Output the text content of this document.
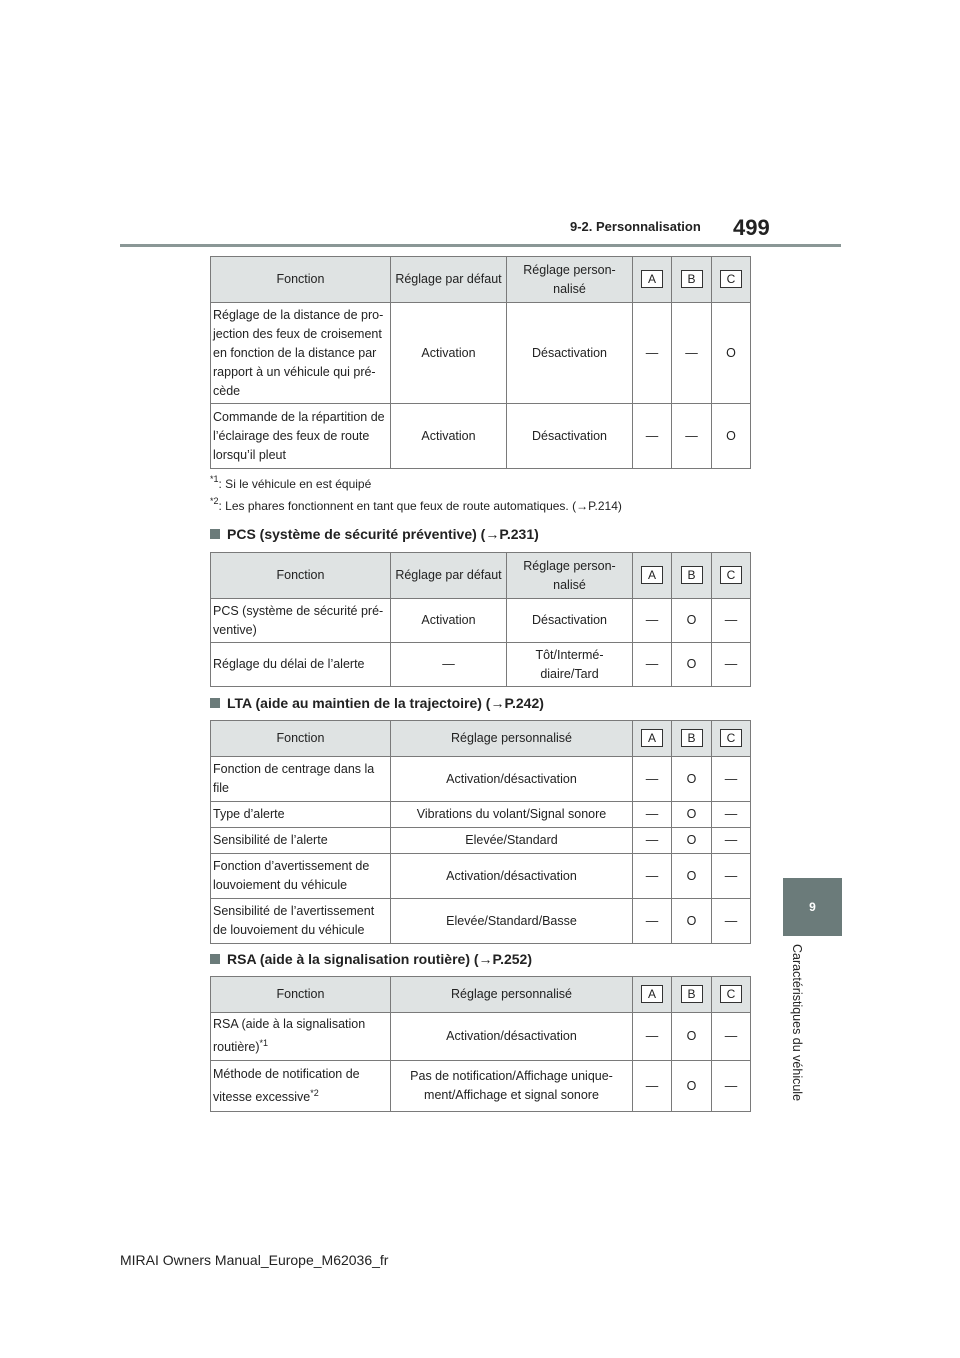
9-2. Personnalisation 499
Fonction	Réglage par défaut	Réglage person-nalisé	A	B	C
Réglage de la distance de pro-jection des feux de croisement en fonction de la distance par rapport à un véhicule qui pré-cède	Activation	Désactivation	—	—	O
Commande de la répartition de l’éclairage des feux de route lorsqu’il pleut	Activation	Désactivation	—	—	O
$^{*1}$: Si le véhicule en est équipé
$^{*2}$: Les phares fonctionnent en tant que feux de route automatiques. (→P.214)
PCS (système de sécurité préventive) (→P.231)
Fonction	Réglage par défaut	Réglage person-nalisé	A	B	C
PCS (système de sécurité pré-ventive)	Activation	Désactivation	—	O	—
Réglage du délai de l’alerte	—	Tôt/Intermé-diaire/Tard	—	O	—
LTA (aide au maintien de la trajectoire) (→P.242)
Fonction	Réglage personnalisé	A	B	C
Fonction de centrage dans la file	Activation/désactivation	—	O	—
Type d’alerte	Vibrations du volant/Signal sonore	—	O	—
Sensibilité de l’alerte	Elevée/Standard	—	O	—
Fonction d’avertissement de louvoiement du véhicule	Activation/désactivation	—	O	—
Sensibilité de l’avertissement de louvoiement du véhicule	Elevée/Standard/Basse	—	O	—
RSA (aide à la signalisation routière) (→P.252)
Fonction	Réglage personnalisé	A	B	C
RSA (aide à la signalisation routière)$^{*1}$	Activation/désactivation	—	O	—
Méthode de notification de vitesse excessive$^{*2}$	Pas de notification/Affichage unique-ment/Affichage et signal sonore	—	O	—
9
Caractéristiques du véhicule
MIRAI Owners Manual_Europe_M62036_fr
